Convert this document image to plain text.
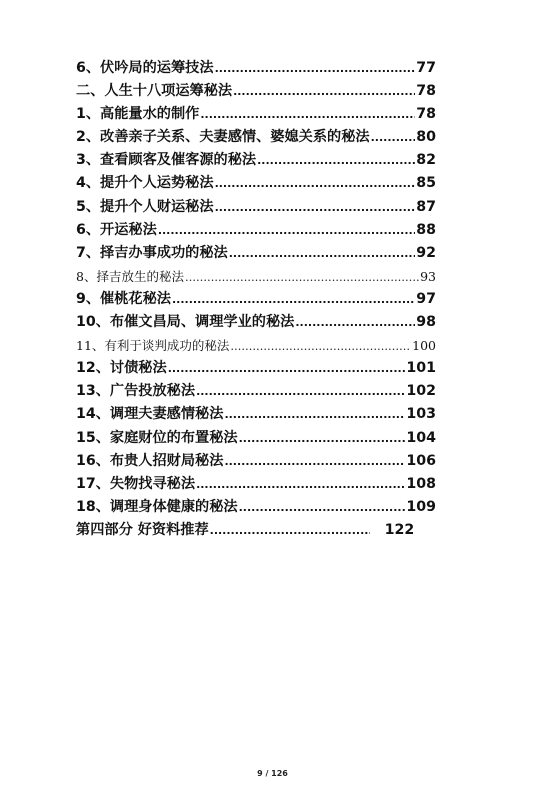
6、伏吟局的运筹技法 .....	77
二、人生十八项运筹秘法 .....	78
1、高能量水的制作 .....	78
2、改善亲子关系、夫妻感情、婆媳关系的秘法 .....	80
3、查看顾客及催客源的秘法 .....	82
4、提升个人运势秘法 .....	85
5、提升个人财运秘法 .....	87
6、开运秘法 .....	88
7、择吉办事成功的秘法 .....	92
8、择吉放生的秘法 ………………………………………………………………………………………………………	93
9、催桃花秘法 .....	97
10、布催文昌局、调理学业的秘法 .....	98
11、有利于谈判成功的秘法 ………………………………………………………………………………………………………	100
12、讨债秘法 .....	101
13、广告投放秘法 .....	102
14、调理夫妻感情秘法 .....	103
15、家庭财位的布置秘法 .....	104
16、布贵人招财局秘法 .....	106
17、失物找寻秘法 .....	108
18、调理身体健康的秘法 .....	109
第四部分 好资料推荐 .....	122
9 / 126
